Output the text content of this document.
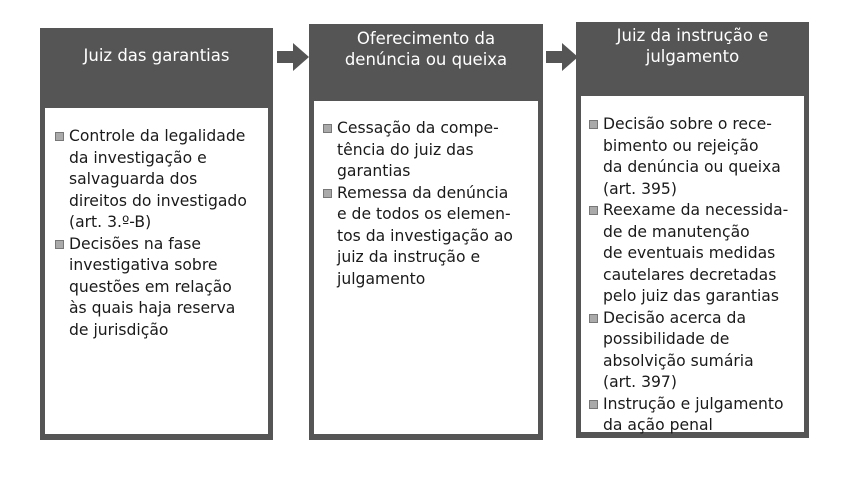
Juiz das garantias
Controle da legalidade
da investigação e
salvaguarda dos
direitos do investigado
(art. 3.º-B)
Decisões na fase
investigativa sobre
questões em relação
às quais haja reserva
de jurisdição
Oferecimento da
denúncia ou queixa
Cessação da compe-
tência do juiz das
garantias
Remessa da denúncia
e de todos os elemen-
tos da investigação ao
juiz da instrução e
julgamento
Juiz da instrução e
julgamento
Decisão sobre o rece-
bimento ou rejeição
da denúncia ou queixa
(art. 395)
Reexame da necessida-
de de manutenção
de eventuais medidas
cautelares decretadas
pelo juiz das garantias
Decisão acerca da
possibilidade de
absolvição sumária
(art. 397)
Instrução e julgamento
da ação penal
